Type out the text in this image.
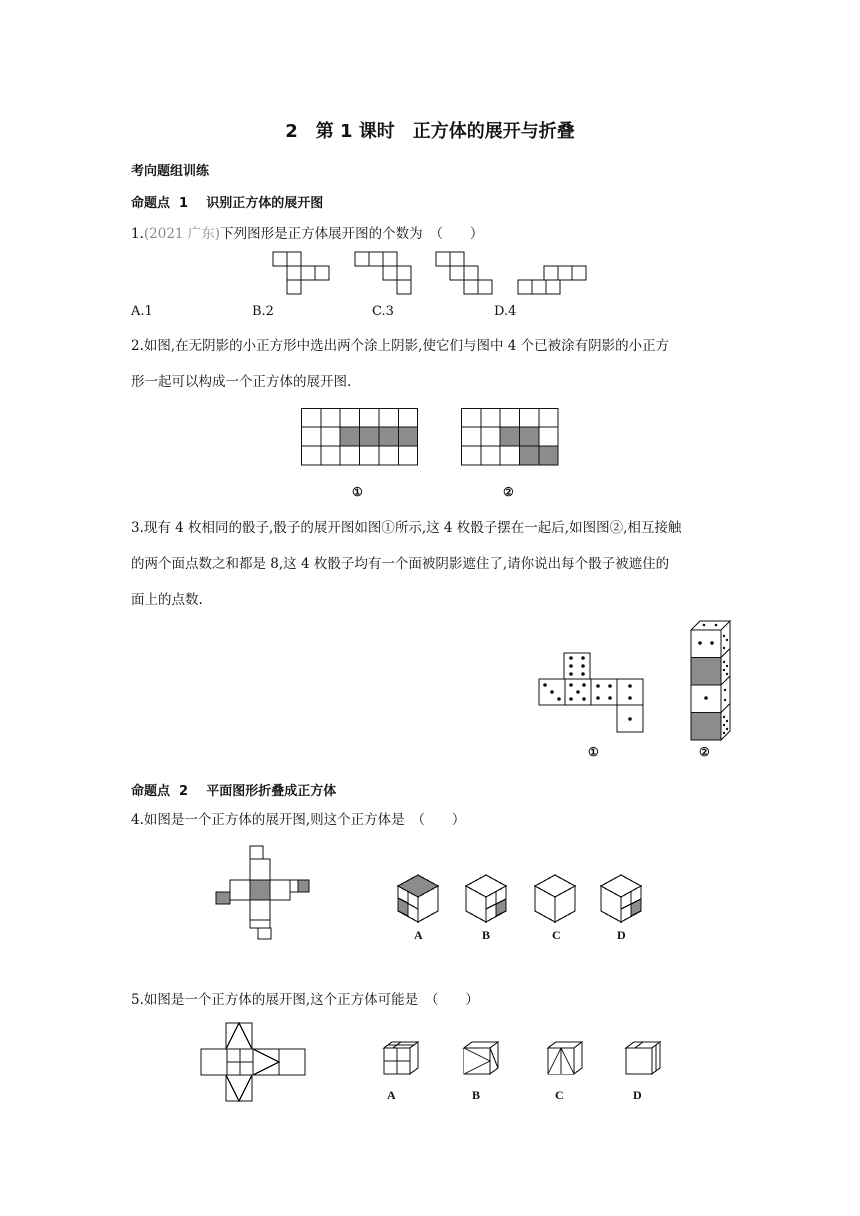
2　第 1 课时　正方体的展开与折叠
考向题组训练
命题点  1    识别正方体的展开图
1.(2021 广东)下列图形是正方体展开图的个数为　（　　）
A.1	B.2	C.3	D.4
2.如图,在无阴影的小正方形中选出两个涂上阴影,使它们与图中 4 个已被涂有阴影的小正方
形一起可以构成一个正方体的展开图.
①	②
3.现有 4 枚相同的骰子,骰子的展开图如图①所示,这 4 枚骰子摆在一起后,如图图②,相互接触
的两个面点数之和都是 8,这 4 枚骰子均有一个面被阴影遮住了,请你说出每个骰子被遮住的
面上的点数.
①	②
命题点  2    平面图形折叠成正方体
4.如图是一个正方体的展开图,则这个正方体是　（　　）
A	B	C	D
5.如图是一个正方体的展开图,这个正方体可能是　（　　）
A	B	C	D
